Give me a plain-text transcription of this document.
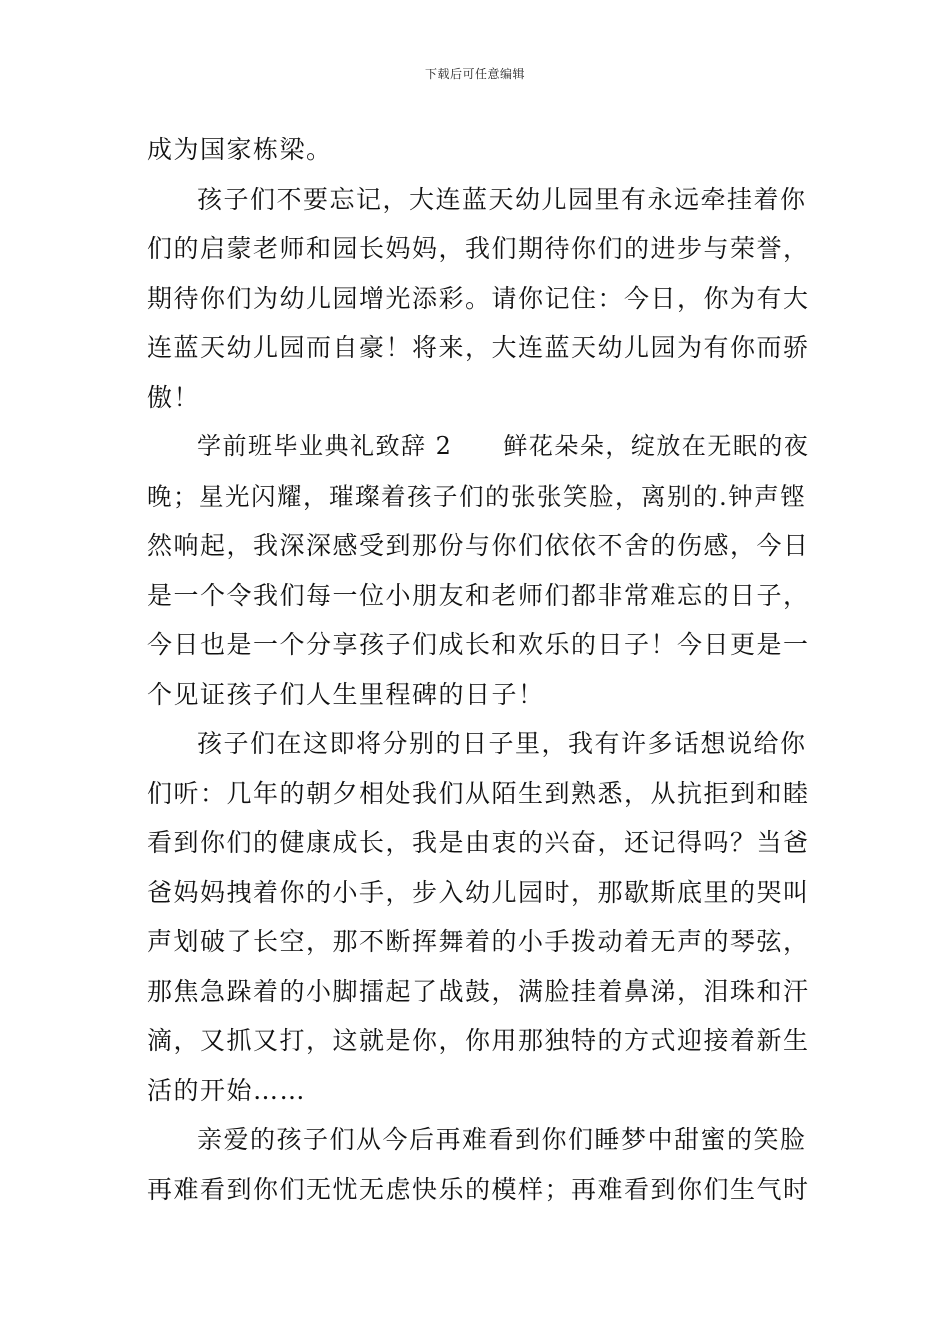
下载后可任意编辑
成为国家栋梁。
孩子们不要忘记，大连蓝天幼儿园里有永远牵挂着你
们的启蒙老师和园长妈妈，我们期待你们的进步与荣誉，
期待你们为幼儿园增光添彩。请你记住：今日，你为有大
连蓝天幼儿园而自豪！将来，大连蓝天幼儿园为有你而骄
傲！
学前班毕业典礼致辞 2　　鲜花朵朵，绽放在无眠的夜
晚；星光闪耀，璀璨着孩子们的张张笑脸，离别的.钟声铿
然响起，我深深感受到那份与你们依依不舍的伤感，今日
是一个令我们每一位小朋友和老师们都非常难忘的日子，
今日也是一个分享孩子们成长和欢乐的日子！今日更是一
个见证孩子们人生里程碑的日子！
孩子们在这即将分别的日子里，我有许多话想说给你
们听：几年的朝夕相处我们从陌生到熟悉，从抗拒到和睦
看到你们的健康成长，我是由衷的兴奋，还记得吗？当爸
爸妈妈拽着你的小手，步入幼儿园时，那歇斯底里的哭叫
声划破了长空，那不断挥舞着的小手拨动着无声的琴弦，
那焦急跺着的小脚擂起了战鼓，满脸挂着鼻涕，泪珠和汗
滴，又抓又打，这就是你，你用那独特的方式迎接着新生
活的开始……
亲爱的孩子们从今后再难看到你们睡梦中甜蜜的笑脸
再难看到你们无忧无虑快乐的模样；再难看到你们生气时
